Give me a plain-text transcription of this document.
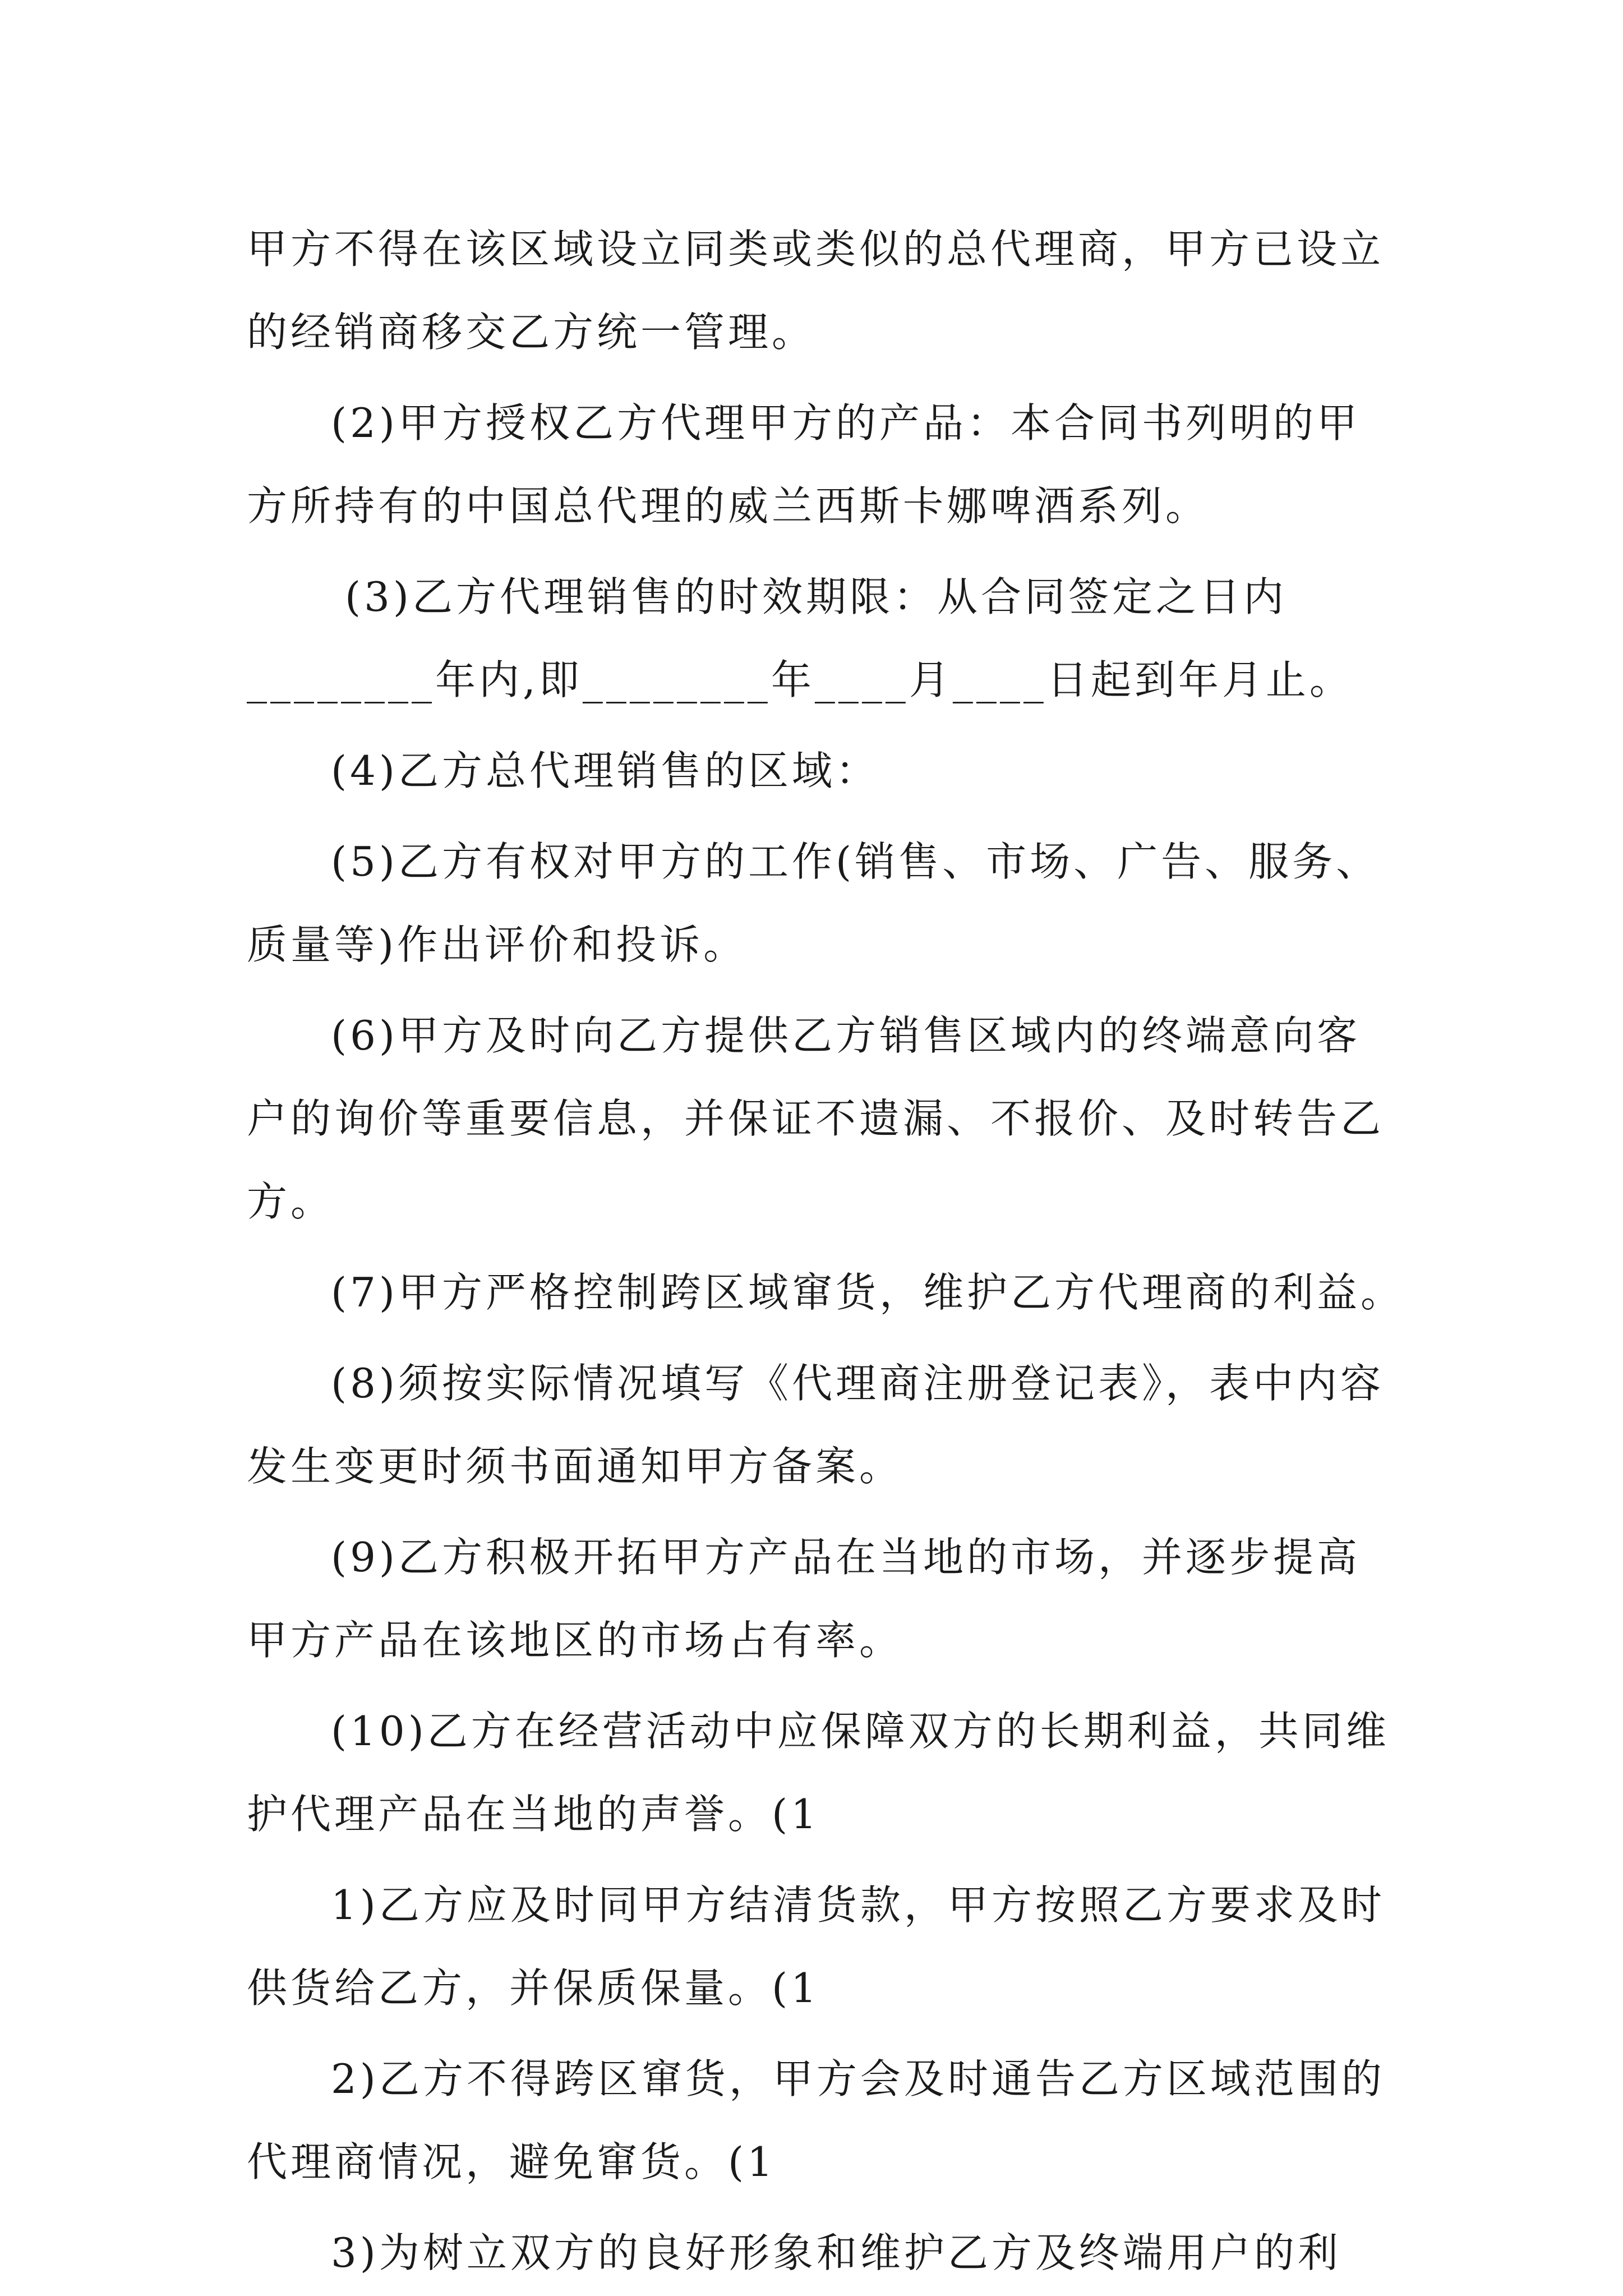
甲方不得在该区域设立同类或类似的总代理商，甲方已设立
的经销商移交乙方统一管理。
(2)甲方授权乙方代理甲方的产品：本合同书列明的甲
方所持有的中国总代理的威兰西斯卡娜啤酒系列。
(3)乙方代理销售的时效期限：从合同签定之日内
________年内,即________年____月____日起到年月止。
(4)乙方总代理销售的区域：
(5)乙方有权对甲方的工作(销售、市场、广告、服务、
质量等)作出评价和投诉。
(6)甲方及时向乙方提供乙方销售区域内的终端意向客
户的询价等重要信息，并保证不遗漏、不报价、及时转告乙
方。
(7)甲方严格控制跨区域窜货，维护乙方代理商的利益。
(8)须按实际情况填写《代理商注册登记表》，表中内容
发生变更时须书面通知甲方备案。
(9)乙方积极开拓甲方产品在当地的市场，并逐步提高
甲方产品在该地区的市场占有率。
(10)乙方在经营活动中应保障双方的长期利益，共同维
护代理产品在当地的声誉。(1
1)乙方应及时同甲方结清货款，甲方按照乙方要求及时
供货给乙方，并保质保量。(1
2)乙方不得跨区窜货，甲方会及时通告乙方区域范围的
代理商情况，避免窜货。(1
3)为树立双方的良好形象和维护乙方及终端用户的利
